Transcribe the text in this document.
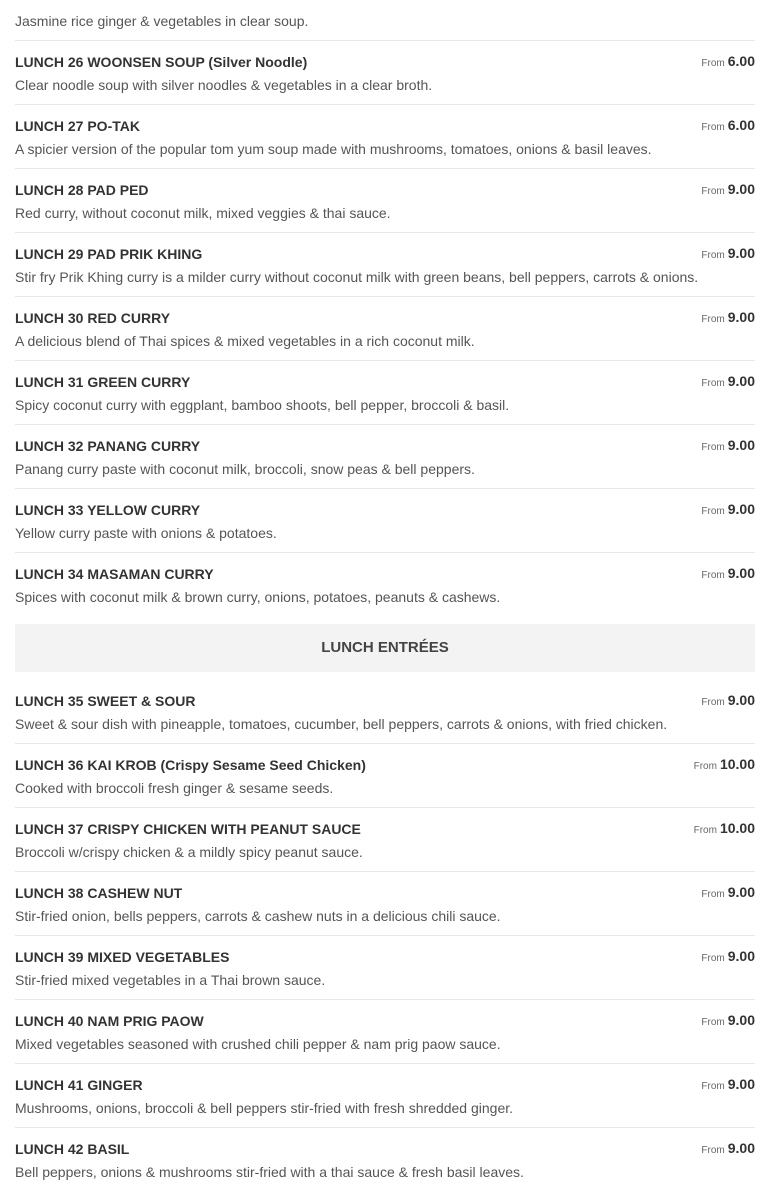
Jasmine rice ginger & vegetables in clear soup.
LUNCH 26 WOONSEN SOUP (Silver Noodle)
Clear noodle soup with silver noodles & vegetables in a clear broth.
From 6.00
LUNCH 27 PO-TAK
A spicier version of the popular tom yum soup made with mushrooms, tomatoes, onions & basil leaves.
From 6.00
LUNCH 28 PAD PED
Red curry, without coconut milk, mixed veggies & thai sauce.
From 9.00
LUNCH 29 PAD PRIK KHING
Stir fry Prik Khing curry is a milder curry without coconut milk with green beans, bell peppers, carrots & onions.
From 9.00
LUNCH 30 RED CURRY
A delicious blend of Thai spices & mixed vegetables in a rich coconut milk.
From 9.00
LUNCH 31 GREEN CURRY
Spicy coconut curry with eggplant, bamboo shoots, bell pepper, broccoli & basil.
From 9.00
LUNCH 32 PANANG CURRY
Panang curry paste with coconut milk, broccoli, snow peas & bell peppers.
From 9.00
LUNCH 33 YELLOW CURRY
Yellow curry paste with onions & potatoes.
From 9.00
LUNCH 34 MASAMAN CURRY
Spices with coconut milk & brown curry, onions, potatoes, peanuts & cashews.
From 9.00
LUNCH ENTRÉES
LUNCH 35 SWEET & SOUR
Sweet & sour dish with pineapple, tomatoes, cucumber, bell peppers, carrots & onions, with fried chicken.
From 9.00
LUNCH 36 KAI KROB (Crispy Sesame Seed Chicken)
Cooked with broccoli fresh ginger & sesame seeds.
From 10.00
LUNCH 37 CRISPY CHICKEN WITH PEANUT SAUCE
Broccoli w/crispy chicken & a mildly spicy peanut sauce.
From 10.00
LUNCH 38 CASHEW NUT
Stir-fried onion, bells peppers, carrots & cashew nuts in a delicious chili sauce.
From 9.00
LUNCH 39 MIXED VEGETABLES
Stir-fried mixed vegetables in a Thai brown sauce.
From 9.00
LUNCH 40 NAM PRIG PAOW
Mixed vegetables seasoned with crushed chili pepper & nam prig paow sauce.
From 9.00
LUNCH 41 GINGER
Mushrooms, onions, broccoli & bell peppers stir-fried with fresh shredded ginger.
From 9.00
LUNCH 42 BASIL
Bell peppers, onions & mushrooms stir-fried with a thai sauce & fresh basil leaves.
From 9.00
